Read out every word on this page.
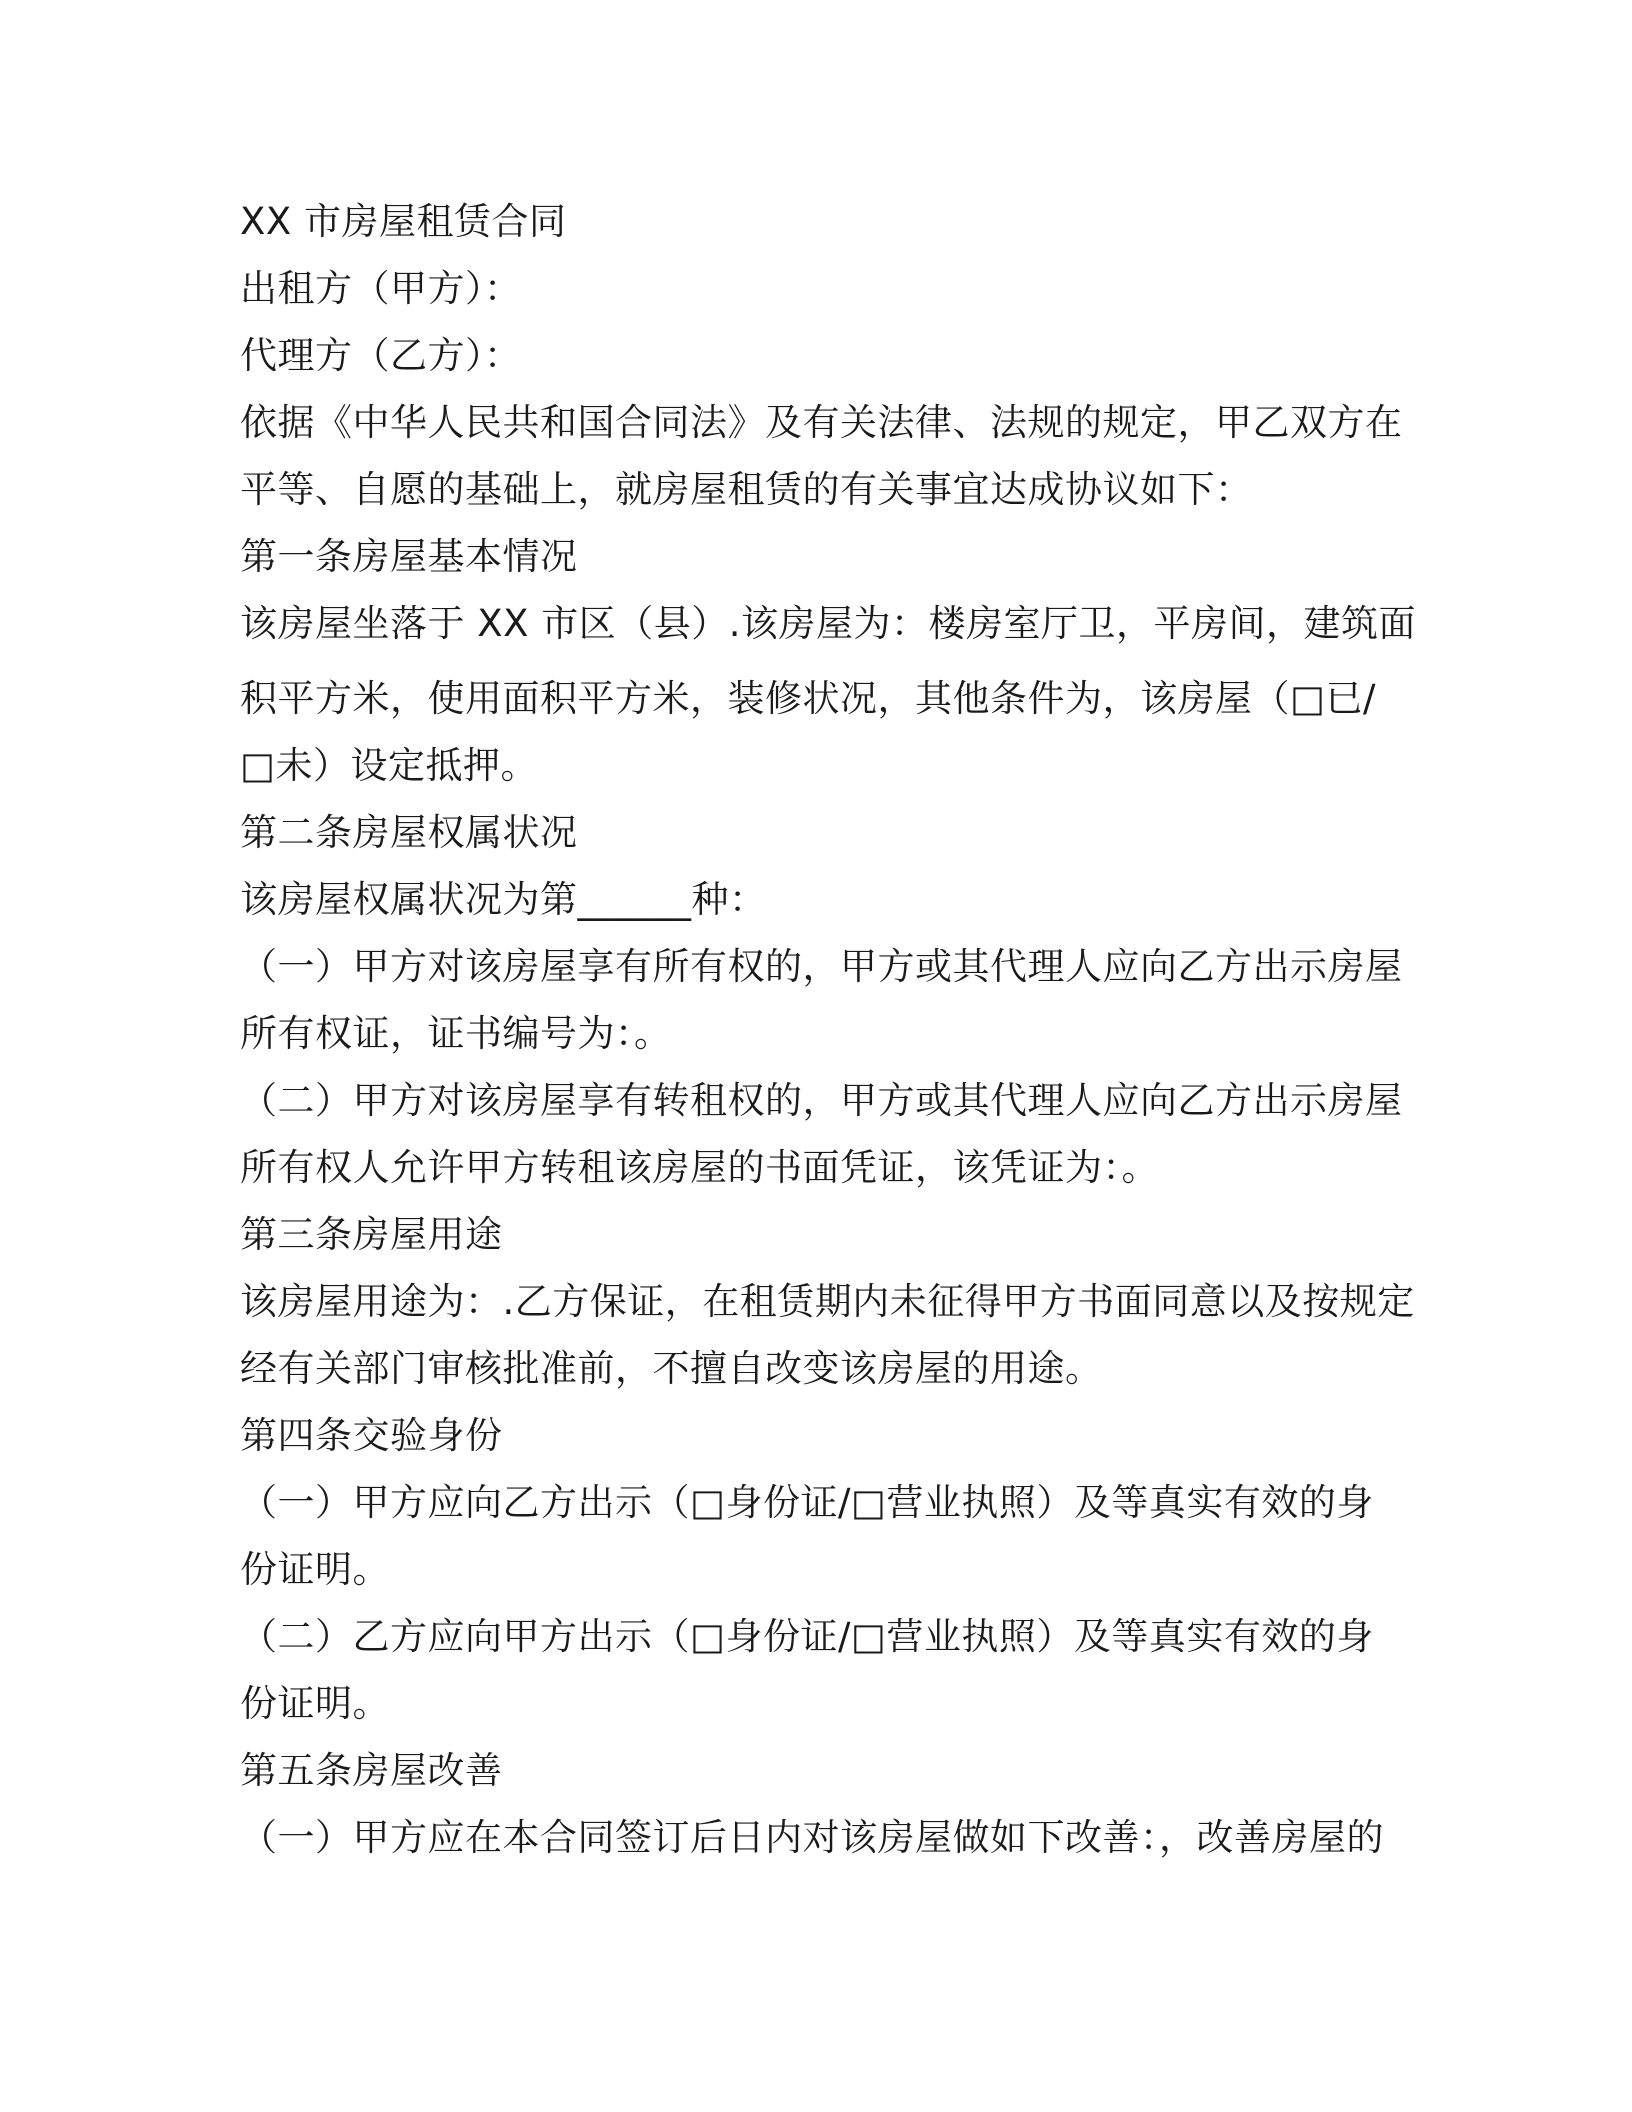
XX 市房屋租赁合同
出租方（甲方）：
代理方（乙方）：
依据《中华人民共和国合同法》及有关法律、法规的规定，甲乙双方在
平等、自愿的基础上，就房屋租赁的有关事宜达成协议如下：
第一条房屋基本情况
该房屋坐落于 XX 市区（县）.该房屋为：楼房室厅卫，平房间，建筑面
积平方米，使用面积平方米，装修状况，其他条件为，该房屋（□已/
□未）设定抵押。
第二条房屋权属状况
该房屋权属状况为第______种：
（一）甲方对该房屋享有所有权的，甲方或其代理人应向乙方出示房屋
所有权证，证书编号为：。
（二）甲方对该房屋享有转租权的，甲方或其代理人应向乙方出示房屋
所有权人允许甲方转租该房屋的书面凭证，该凭证为：。
第三条房屋用途
该房屋用途为：.乙方保证，在租赁期内未征得甲方书面同意以及按规定
经有关部门审核批准前，不擅自改变该房屋的用途。
第四条交验身份
（一）甲方应向乙方出示（□身份证/□营业执照）及等真实有效的身
份证明。
（二）乙方应向甲方出示（□身份证/□营业执照）及等真实有效的身
份证明。
第五条房屋改善
（一）甲方应在本合同签订后日内对该房屋做如下改善：，改善房屋的
